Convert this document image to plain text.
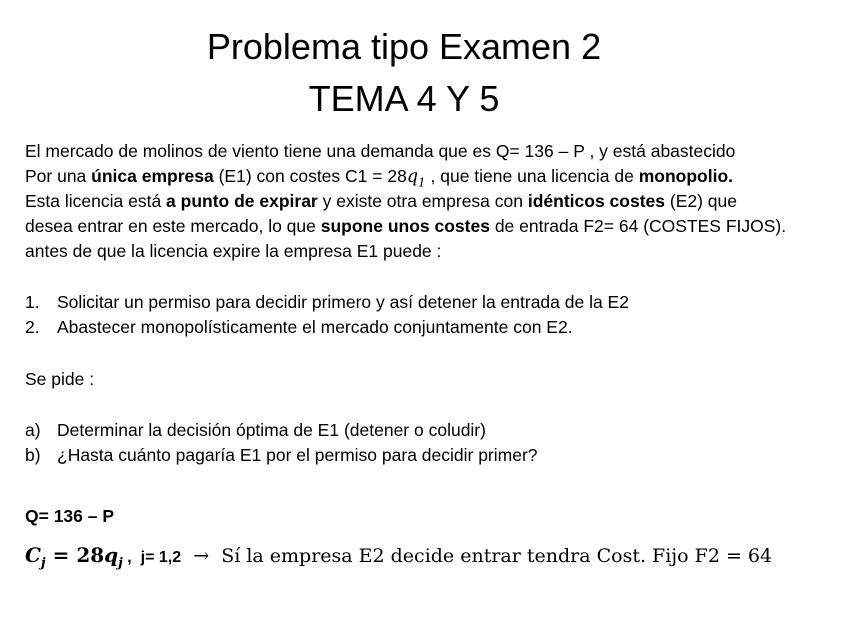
Problema tipo Examen 2
TEMA 4 Y 5
El mercado de molinos de viento tiene una demanda que es Q= 136 – P , y está abastecido
Por una única empresa (E1) con costes $C1 = 28q_1$ , que tiene una licencia de monopolio.
Esta licencia está a punto de expirar y existe otra empresa con idénticos costes (E2) que
desea entrar en este mercado, lo que supone unos costes de entrada F2= 64 (COSTES FIJOS).
antes de que la licencia expire la empresa E1 puede :
1. Solicitar un permiso para decidir primero y así detener la entrada de la E2
2. Abastecer monopolísticamente el mercado conjuntamente con E2.
Se pide :
a) Determinar la decisión óptima de E1 (detener o coludir)
b) ¿Hasta cuánto pagaría E1 por el permiso para decidir primer?
Q= 136 – P
$C_j = 28q_j$ ,  j= 1,2  →  Sí la empresa E2 decide entrar tendra Cost. Fijo F2 = 64
